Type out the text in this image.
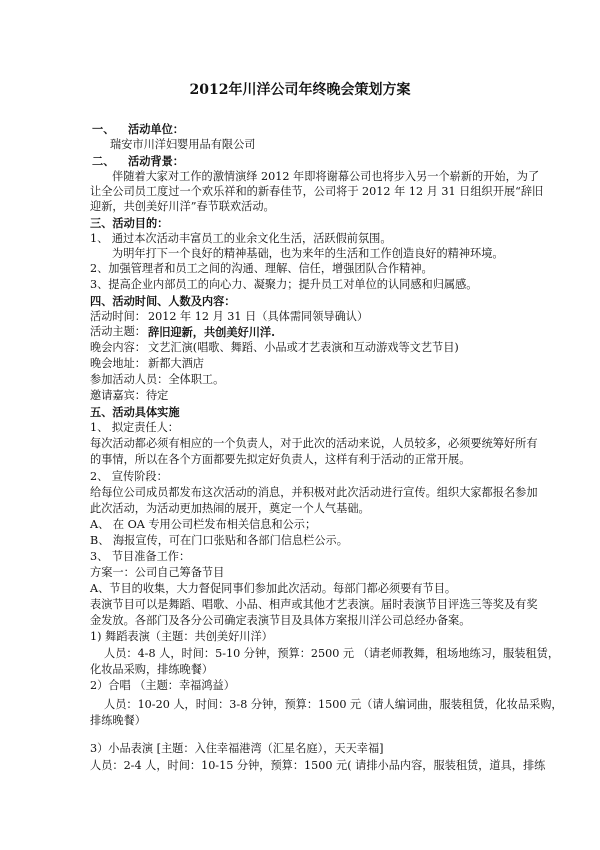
2012年川洋公司年终晚会策划方案
一、 活动单位：
瑞安市川洋妇婴用品有限公司
二、 活动背景：
伴随着大家对工作的激情演绎 2012 年即将谢幕公司也将步入另一个崭新的开始，为了
让全公司员工度过一个欢乐祥和的新春佳节，公司将于 2012 年 12 月 31 日组织开展“辞旧
迎新，共创美好川洋”春节联欢活动。
三、活动目的：
1、 通过本次活动丰富员工的业余文化生活，活跃假前氛围。
为明年打下一个良好的精神基础，也为来年的生活和工作创造良好的精神环境。
2、加强管理者和员工之间的沟通、理解、信任，增强团队合作精神。
3、提高企业内部员工的向心力、凝聚力；提升员工对单位的认同感和归属感。
四、活动时间、人数及内容：
活动时间： 2012 年 12 月 31 日（具体需同领导确认）
活动主题： 辞旧迎新，共创美好川洋.
晚会内容： 文艺汇演(唱歌、舞蹈、小品或才艺表演和互动游戏等文艺节目)
晚会地址： 新都大酒店
参加活动人员：全体职工。
邀请嘉宾：待定
五、活动具体实施
1、 拟定责任人：
每次活动都必须有相应的一个负责人，对于此次的活动来说，人员较多，必须要统筹好所有
的事情，所以在各个方面都要先拟定好负责人，这样有利于活动的正常开展。
2、 宣传阶段：
给每位公司成员都发布这次活动的消息，并积极对此次活动进行宣传。组织大家都报名参加
此次活动，为活动更加热闹的展开，奠定一个人气基础。
A、 在 OA 专用公司栏发布相关信息和公示；
B、 海报宣传，可在门口张贴和各部门信息栏公示。
3、 节目准备工作：
方案一：公司自己筹备节目
A、节目的收集，大力督促同事们参加此次活动。每部门都必须要有节目。
表演节目可以是舞蹈、唱歌、小品、相声或其他才艺表演。届时表演节目评选三等奖及有奖
金发放。各部门及各分公司确定表演节目及具体方案报川洋公司总经办备案。
1) 舞蹈表演（主题：共创美好川洋）
人员：4-8 人，时间：5-10 分钟，预算：2500 元 （请老师教舞，租场地练习，服装租赁，
化妆品采购，排练晚餐）
2）合唱 （主题：幸福鸿益）
人员：10-20 人，时间：3-8 分钟，预算：1500 元（请人编词曲，服装租赁，化妆品采购，
排练晚餐）
3）小品表演 [主题：入住幸福港湾（汇星名庭），天天幸福]
人员：2-4 人，时间：10-15 分钟，预算：1500 元( 请排小品内容，服装租赁，道具，排练
